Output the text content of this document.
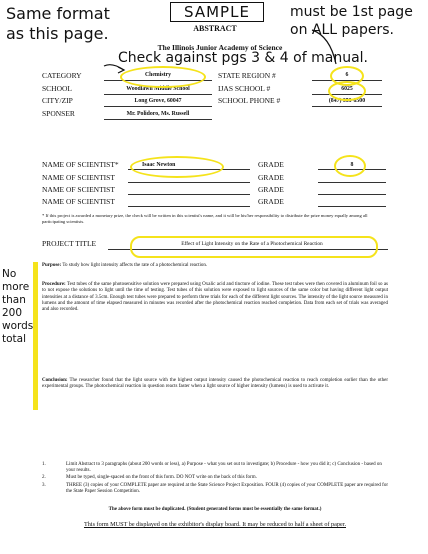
Same format as this page.
SAMPLE	must be 1st page on ALL papers.
Check against pgs 3 & 4 of manual.
No more than 200 words total
ABSTRACT
The Illinois Junior Academy of Science
CATEGORY	Chemistry	STATE REGION #	6
SCHOOL	Woodlawn Middle School	IJAS SCHOOL #	6025
CITY/ZIP	Long Grove, 60047	SCHOOL PHONE #	(847) 353-8500
SPONSER	Mr. Polidoro, Ms. Russell
NAME OF SCIENTIST*	Isaac Newton	GRADE	8
NAME OF SCIENTIST	GRADE
NAME OF SCIENTIST	GRADE
NAME OF SCIENTIST	GRADE
* If this project is awarded a monetary prize, the check will be written in this scientist's name, and it will be his/her responsibility to distribute the prize money equally among all participating scientists.
PROJECT TITLE	Effect of Light Intensity on the Rate of a Photochemical Reaction
Purpose: To study how light intensity affects the rate of a photochemical reaction.
Procedure: Test tubes of the same photosensitive solution were prepared using Oxalic acid and tincture of iodine. These test tubes were then covered in aluminum foil so as to not expose the solutions to light until the time of testing. Test tubes of this solution were exposed to light sources of the same color but having different light output intensities at a distance of 3.5cm. Enough test tubes were prepared to perform three trials for each of the different light sources. The intensity of the light source measured in lumens and the amount of time elapsed measured in minutes was recorded after the photochemical reaction reached completion. Data from each set of trials was averaged and also recorded.
Conclusion: The researcher found that the light source with the highest output intensity caused the photochemical reaction to reach completion earlier than the other experimental groups. The photochemical reaction in question reacts faster when a light source of higher intensity (lumens) is used to activate it.
1.	Limit Abstract to 3 paragraphs (about 200 words or less), a) Purpose - what you set out to investigate; b) Procedure - how you did it; c) Conclusion - based on your results.
2.	Must be typed, single-spaced on the front of this form. DO NOT write on the back of this form.
3.	THREE (3) copies of your COMPLETE paper are required at the State Science Project Exposition. FOUR (4) copies of your COMPLETE paper are required for the State Paper Session Competition.
The above form must be duplicated. (Student generated forms must be essentially the same format.)
This form MUST be displayed on the exhibitor's display board. It may be reduced to half a sheet of paper.
